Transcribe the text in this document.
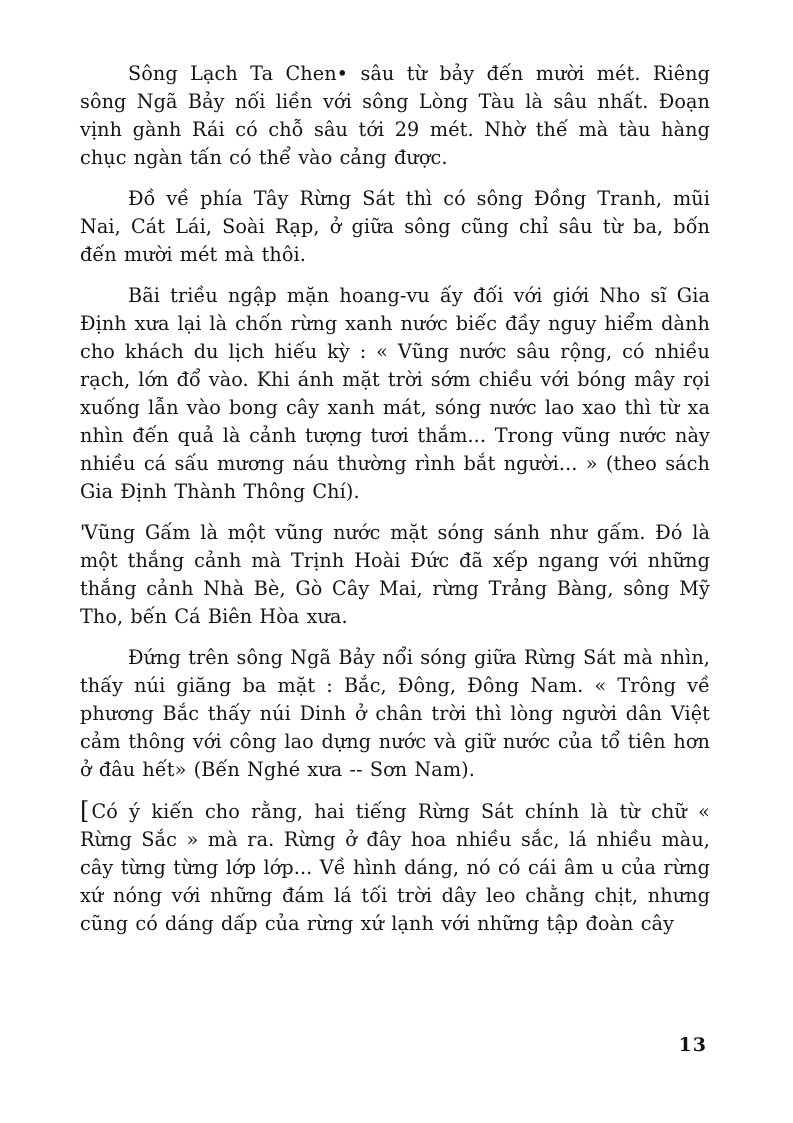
Sông Lạch Ta Chen• sâu từ bảy đến mười mét. Riêng sông Ngã Bảy nối liền với sông Lòng Tàu là sâu nhất. Đoạn vịnh gành Rái có chỗ sâu tới 29 mét. Nhờ thế mà tàu hàng chục ngàn tấn có thể vào cảng được.

Đồ về phía Tây Rừng Sát thì có sông Đồng Tranh, mũi Nai, Cát Lái, Soài Rạp, ở giữa sông cũng chỉ sâu từ ba, bốn đến mười mét mà thôi.

Bãi triều ngập mặn hoang-vu ấy đối với giới Nho sĩ Gia Định xưa lại là chốn rừng xanh nước biếc đầy nguy hiểm dành cho khách du lịch hiếu kỳ : « Vũng nước sâu rộng, có nhiều rạch, lớn đổ vào. Khi ánh mặt trời sớm chiều với bóng mây rọi xuống lẫn vào bong cây xanh mát, sóng nước lao xao thì từ xa nhìn đến quả là cảnh tượng tươi thắm... Trong vũng nước này nhiều cá sấu mương náu thường rình bắt người... » (theo sách Gia Định Thành Thông Chí).

'Vũng Gấm là một vũng nước mặt sóng sánh như gấm. Đó là một thắng cảnh mà Trịnh Hoài Đức đã xếp ngang với những thắng cảnh Nhà Bè, Gò Cây Mai, rừng Trảng Bàng, sông Mỹ Tho, bến Cá Biên Hòa xưa.

Đứng trên sông Ngã Bảy nổi sóng giữa Rừng Sát mà nhìn, thấy núi giăng ba mặt : Bắc, Đông, Đông Nam. « Trông về phương Bắc thấy núi Dinh ở chân trời thì lòng người dân Việt cảm thông với công lao dựng nước và giữ nước của tổ tiên hơn ở đâu hết» (Bến Nghé xưa -- Sơn Nam).

[ Có ý kiến cho rằng, hai tiếng Rừng Sát chính là từ chữ « Rừng Sắc » mà ra. Rừng ở đây hoa nhiều sắc, lá nhiều màu, cây từng từng lớp lớp... Về hình dáng, nó có cái âm u của rừng xứ nóng với những đám lá tối trời dây leo chằng chịt, nhưng cũng có dáng dấp của rừng xứ lạnh với những tập đoàn cây

13
